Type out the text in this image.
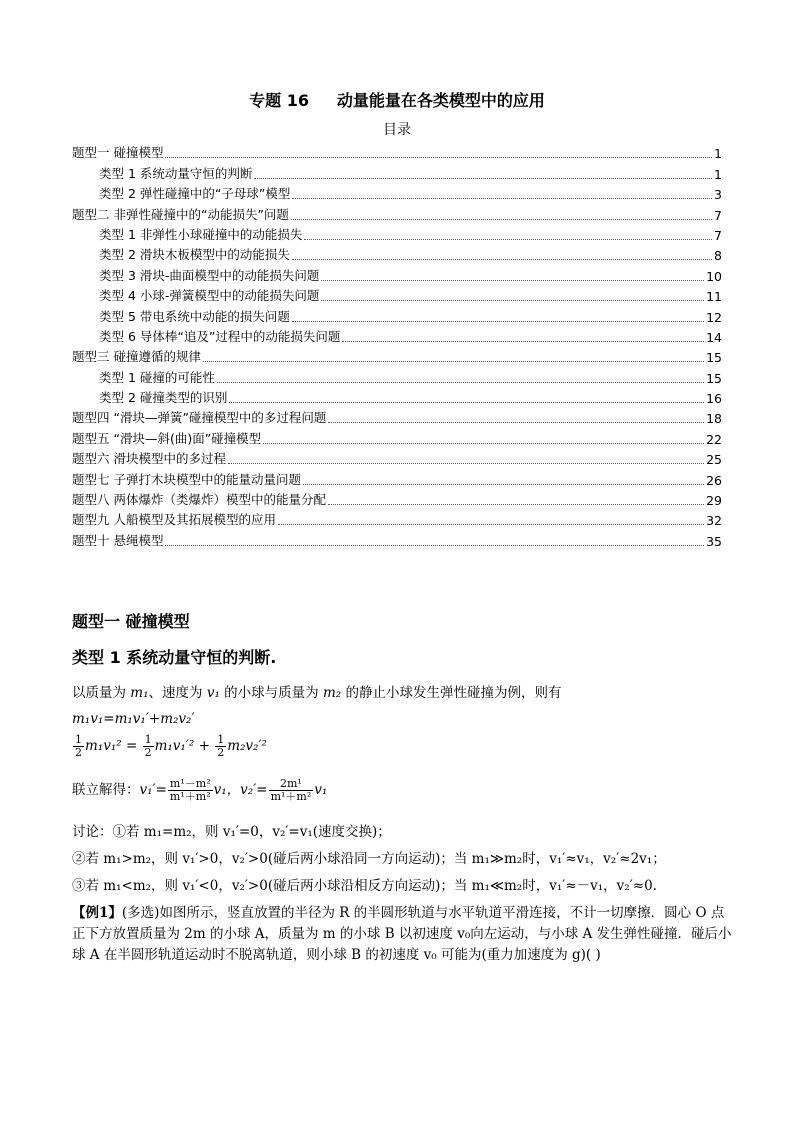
专题 16     动量能量在各类模型中的应用
目录
题型一 碰撞模型	1
类型 1 系统动量守恒的判断	1
类型 2 弹性碰撞中的“子母球”模型	3
题型二 非弹性碰撞中的“动能损失”问题	7
类型 1 非弹性小球碰撞中的动能损失	7
类型 2 滑块木板模型中的动能损失	8
类型 3 滑块-曲面模型中的动能损失问题	10
类型 4 小球-弹簧模型中的动能损失问题	11
类型 5 带电系统中动能的损失问题	12
类型 6 导体棒“追及”过程中的动能损失问题	14
题型三 碰撞遵循的规律	15
类型 1 碰撞的可能性	15
类型 2 碰撞类型的识别	16
题型四 “滑块—弹簧”碰撞模型中的多过程问题	18
题型五 “滑块—斜(曲)面”碰撞模型	22
题型六 滑块模型中的多过程	25
题型七 子弹打木块模型中的能量动量问题	26
题型八 两体爆炸（类爆炸）模型中的能量分配	29
题型九 人船模型及其拓展模型的应用	32
题型十 悬绳模型	35
题型一 碰撞模型
类型 1 系统动量守恒的判断.
以质量为 m₁、速度为 v₁ 的小球与质量为 m₂ 的静止小球发生弹性碰撞为例，则有
m₁v₁=m₁v₁′+m₂v₂′
$\frac{1}{2} m_1v_1^2 = \frac{1}{2} m_1v_1'^2 + \frac{1}{2} m_2v_2'^2$
联立解得：$v_1'= \frac{\text{m¹－m²}}{\text{m¹＋m²}} v_1$，$v_2'= \frac{\text{2m¹}}{\text{m¹＋m²}} v_1$
讨论：①若 m₁=m₂，则 v₁′=0，v₂′=v₁(速度交换)；
②若 m₁>m₂，则 v₁′>0，v₂′>0(碰后两小球沿同一方向运动)；当 m₁≫m₂时，v₁′≈v₁，v₂′≈2v₁；
③若 m₁<m₂，则 v₁′<0，v₂′>0(碰后两小球沿相反方向运动)；当 m₁≪m₂时，v₁′≈－v₁，v₂′≈0.
【例1】(多选)如图所示，竖直放置的半径为 R 的半圆形轨道与水平轨道平滑连接，不计一切摩擦．圆心 O 点正下方放置质量为 2m 的小球 A，质量为 m 的小球 B 以初速度 v₀向左运动，与小球 A 发生弹性碰撞．碰后小球 A 在半圆形轨道运动时不脱离轨道，则小球 B 的初速度 v₀ 可能为(重力加速度为 g)( )
